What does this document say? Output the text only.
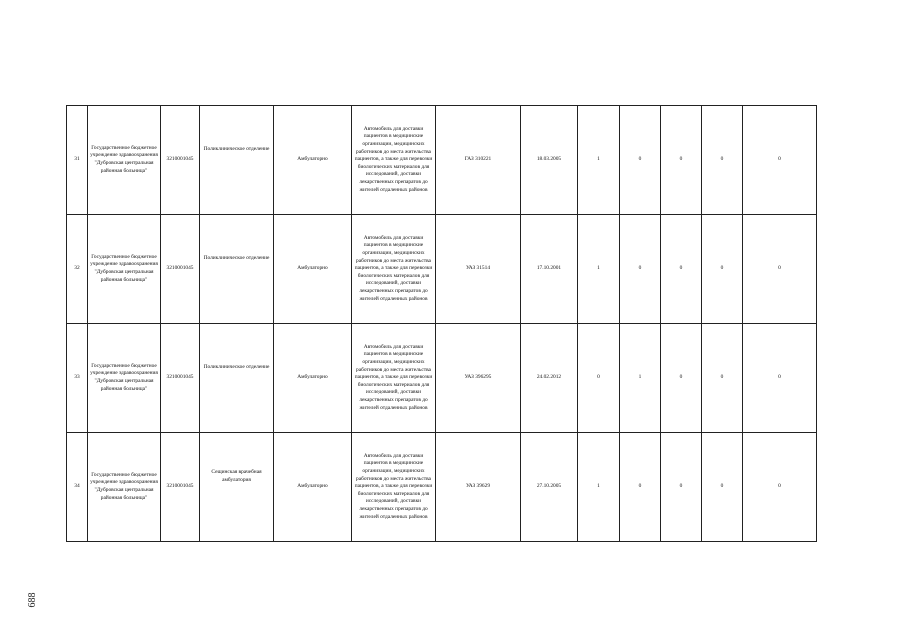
688
31	Государственное бюджетное учреждение здравоохранения "Дубровская центральная районная больница"	3210001045	Поликлиническое отделение	Амбулаторно	Автомобиль для доставки пациентов в медицинские организации, медицинских работников до места жительства пациентов, а также для перевозки биологических материалов для исследований, доставки лекарственных препаратов до жителей отдаленных районов	ГАЗ 310221	18.03.2005	1	0	0	0	0
32	Государственное бюджетное учреждение здравоохранения "Дубровская центральная районная больница"	3210001045	Поликлиническое отделение	Амбулаторно	Автомобиль для доставки пациентов в медицинские организации, медицинских работников до места жительства пациентов, а также для перевозки биологических материалов для исследований, доставки лекарственных препаратов до жителей отдаленных районов	УАЗ 31514	17.10.2001	1	0	0	0	0
33	Государственное бюджетное учреждение здравоохранения "Дубровская центральная районная больница"	3210001045	Поликлиническое отделение	Амбулаторно	Автомобиль для доставки пациентов в медицинские организации, медицинских работников до места жительства пациентов, а также для перевозки биологических материалов для исследований, доставки лекарственных препаратов до жителей отдаленных районов	УАЗ 396295	24.02.2012	0	1	0	0	0
34	Государственное бюджетное учреждение здравоохранения "Дубровская центральная районная больница"	3210001045	Сещинская врачебная амбулатория	Амбулаторно	Автомобиль для доставки пациентов в медицинские организации, медицинских работников до места жительства пациентов, а также для перевозки биологических материалов для исследований, доставки лекарственных препаратов до жителей отдаленных районов	УАЗ 39629	27.10.2005	1	0	0	0	0
